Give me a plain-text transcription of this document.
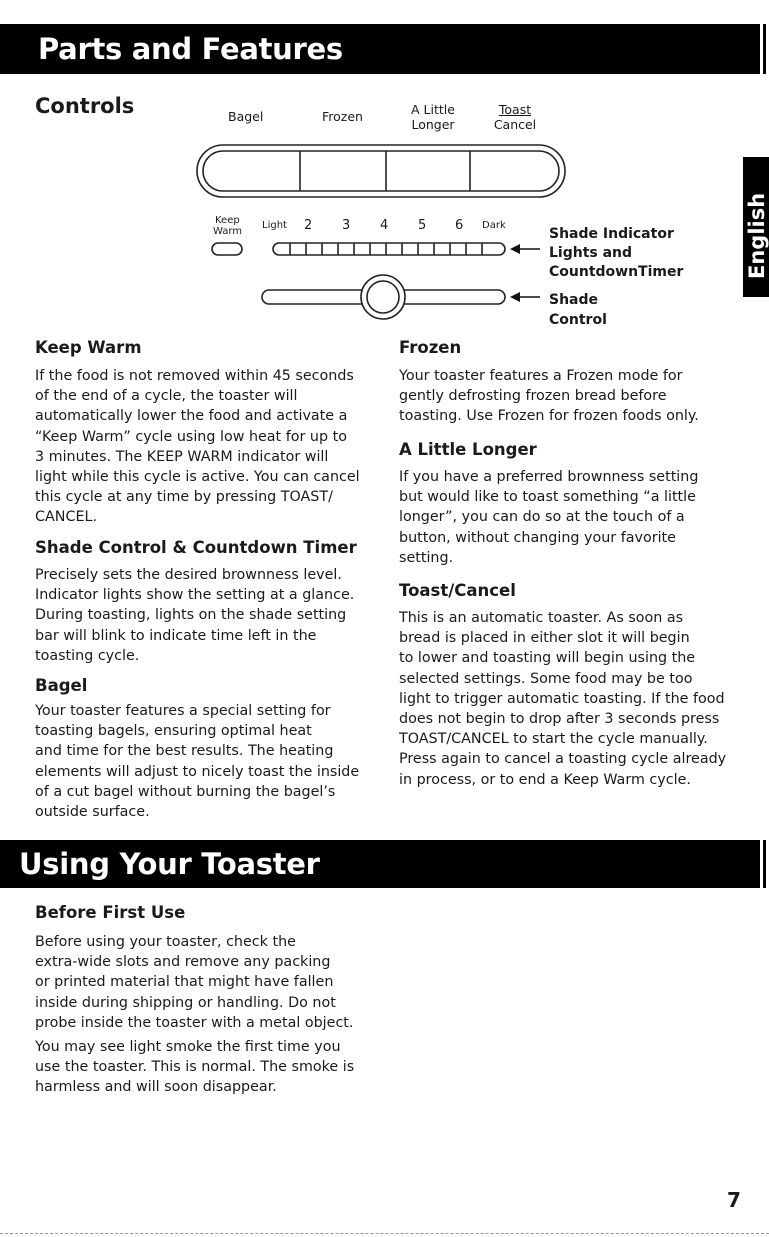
Parts and Features
English
Controls	Bagel	Frozen	A Little
Longer
Toast
Cancel
Keep
Warm
Light 2 3 4 5 6 Dark
Shade Indicator
Lights and
CountdownTimer
Shade
Control
Keep Warm
If the food is not removed within 45 seconds
of the end of a cycle, the toaster will
automatically lower the food and activate a
“Keep Warm” cycle using low heat for up to
3 minutes. The KEEP WARM indicator will
light while this cycle is active. You can cancel
this cycle at any time by pressing TOAST/
CANCEL.
Shade Control & Countdown Timer
Precisely sets the desired brownness level.
Indicator lights show the setting at a glance.
During toasting, lights on the shade setting
bar will blink to indicate time left in the
toasting cycle.
Bagel
Your toaster features a special setting for
toasting bagels, ensuring optimal heat
and time for the best results. The heating
elements will adjust to nicely toast the inside
of a cut bagel without burning the bagel’s
outside surface.
Frozen
Your toaster features a Frozen mode for
gently defrosting frozen bread before
toasting. Use Frozen for frozen foods only.
A Little Longer
If you have a preferred brownness setting
but would like to toast something “a little
longer”, you can do so at the touch of a
button, without changing your favorite
setting.
Toast/Cancel
This is an automatic toaster. As soon as
bread is placed in either slot it will begin
to lower and toasting will begin using the
selected settings. Some food may be too
light to trigger automatic toasting. If the food
does not begin to drop after 3 seconds press
TOAST/CANCEL to start the cycle manually.
Press again to cancel a toasting cycle already
in process, or to end a Keep Warm cycle.
Using Your Toaster
Before First Use
Before using your toaster, check the
extra-wide slots and remove any packing
or printed material that might have fallen
inside during shipping or handling. Do not
probe inside the toaster with a metal object.
You may see light smoke the first time you
use the toaster. This is normal. The smoke is
harmless and will soon disappear.
7
